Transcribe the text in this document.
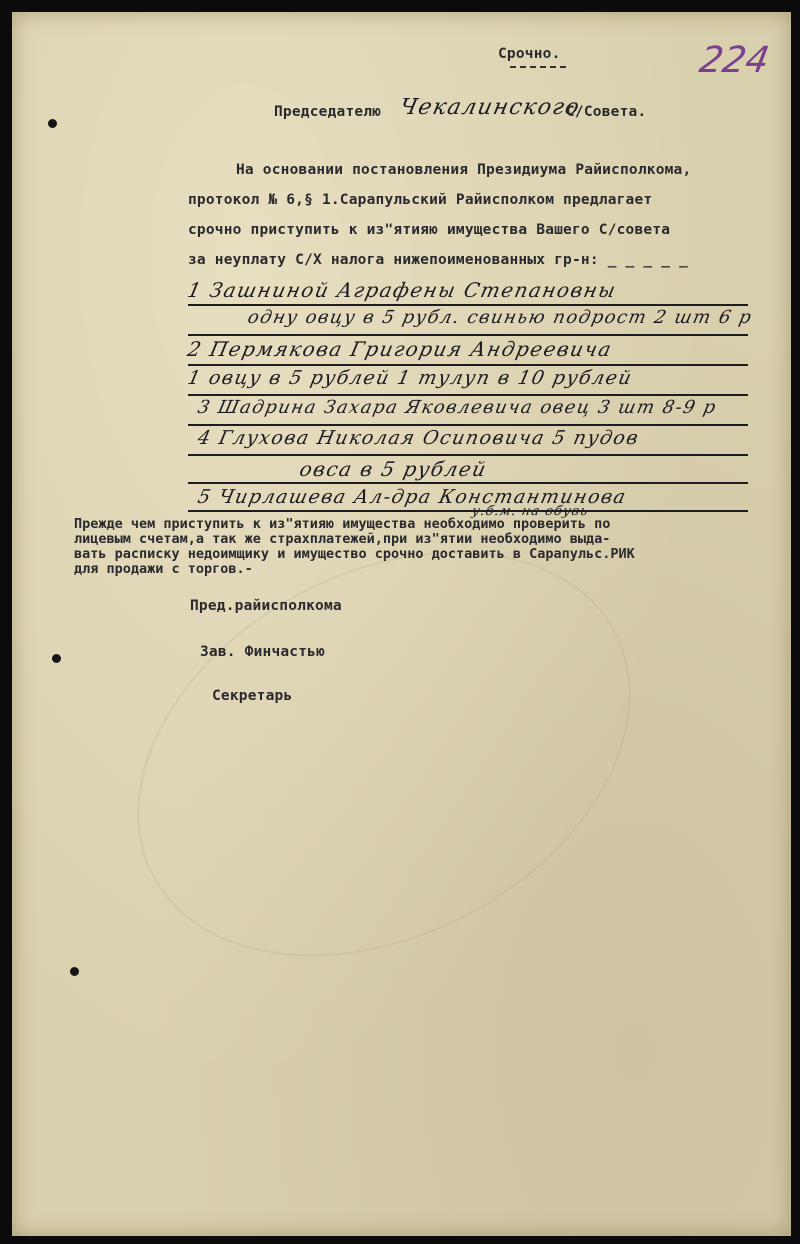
224
Срочно.
Председателю Чекалинского
С/Совета.
На основании постановления Президиума Райисполкома,
протокол № 6,§ 1.Сарапульский Райисполком предлагает
срочно приступить к из"ятияю имущества Вашего С/совета
за неуплату С/Х налога нижепоименованных гр-н: _ _ _ _ _
1 Зашниной Аграфены Степановны
одну овцу в 5 рубл. свинью подрост 2 шт 6 р
2 Пермякова Григория Андреевича
1 овцу в 5 рублей 1 тулуп в 10 рублей
3 Шадрина Захара Яковлевича овец 3 шт 8-9 р
4 Глухова Николая Осиповича 5 пудов
овса в 5 рублей
5 Чирлашева Ал-дра Константинова
у.б.м. на обувь
Прежде чем приступить к из"ятияю имущества необходимо проверить по
лицевым счетам,а так же страхплатежей,при из"ятии необходимо выда-
вать расписку недоимщику и имущество срочно доставить в Сарапульс.РИК
для продажи с торгов.-
Пред.райисполкома
Зав. Финчастью
Секретарь
